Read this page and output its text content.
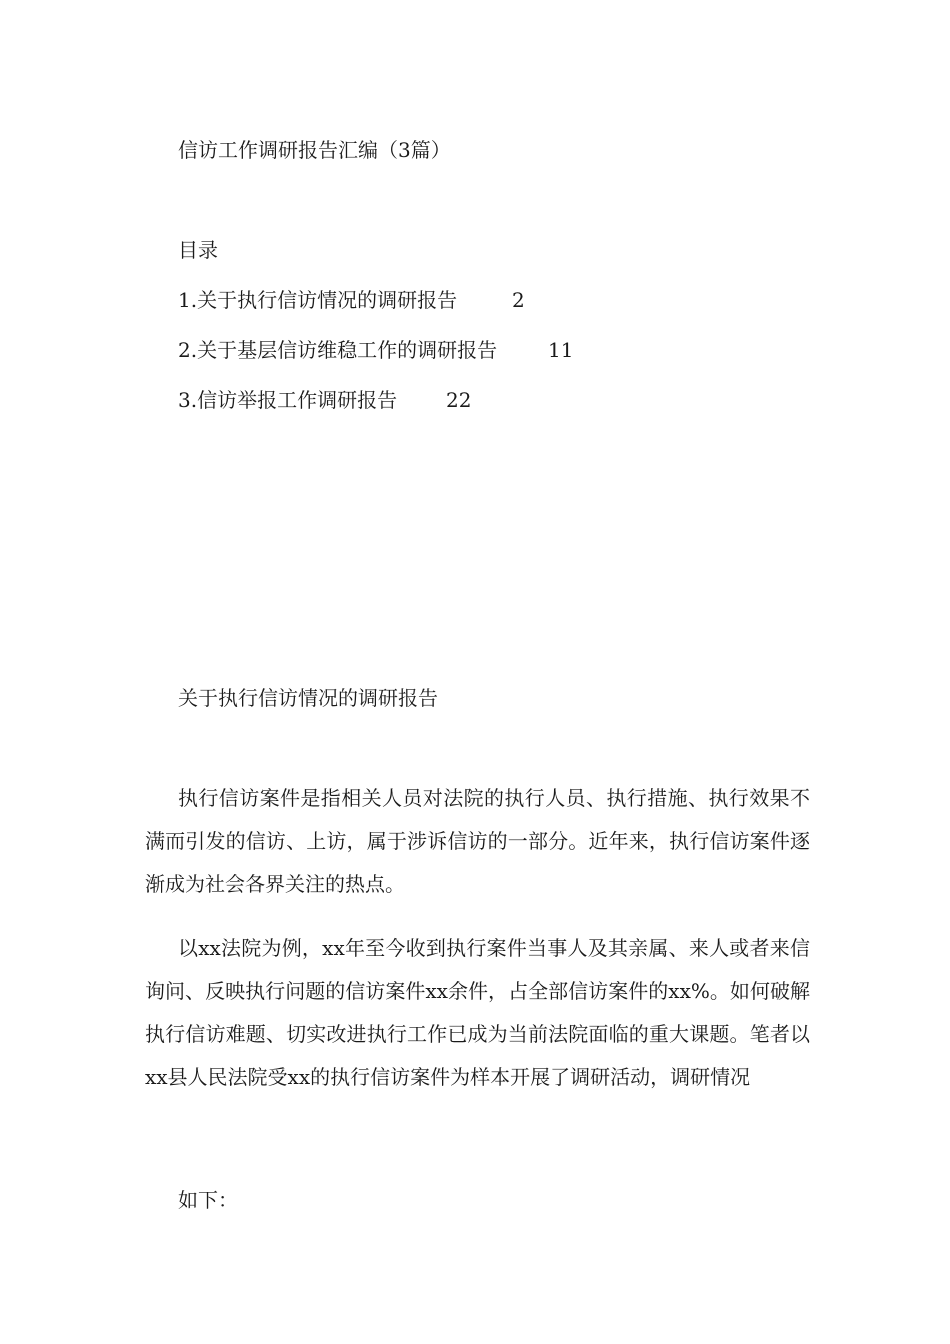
信访工作调研报告汇编（3篇）
目录
1.关于执行信访情况的调研报告	2
2.关于基层信访维稳工作的调研报告	11
3.信访举报工作调研报告 22
关于执行信访情况的调研报告

执行信访案件是指相关人员对法院的执行人员、执行措施、执行效果不满而引发的信访、上访，属于涉诉信访的一部分。近年来，执行信访案件逐渐成为社会各界关注的热点。

以xx法院为例，xx年至今收到执行案件当事人及其亲属、来人或者来信询问、反映执行问题的信访案件xx余件，占全部信访案件的xx%。如何破解执行信访难题、切实改进执行工作已成为当前法院面临的重大课题。笔者以xx县人民法院受xx的执行信访案件为样本开展了调研活动，调研情况

如下：
